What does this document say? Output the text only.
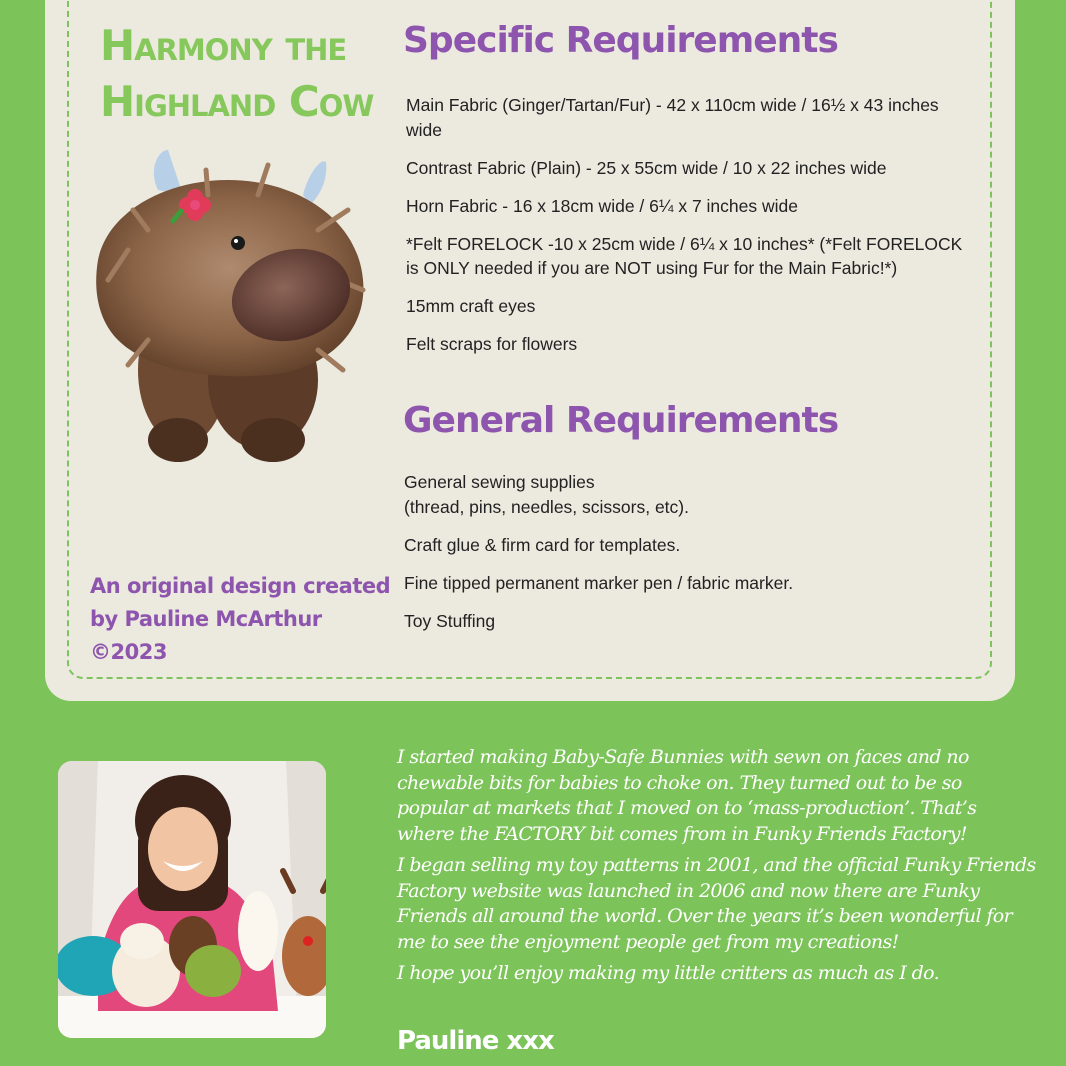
Harmony the
Highland Cow
An original design created
by Pauline McArthur
©2023
Specific Requirements
Main Fabric (Ginger/Tartan/Fur) - 42 x 110cm wide / 16½ x 43 inches wide
Contrast Fabric (Plain) - 25 x 55cm wide / 10 x 22 inches wide
Horn Fabric - 16 x 18cm wide / 6¼ x 7 inches wide
*Felt FORELOCK -10 x 25cm wide / 6¼ x 10 inches* (*Felt FORELOCK is ONLY needed if you are NOT using Fur for the Main Fabric!*)
15mm craft eyes
Felt scraps for flowers
General Requirements
General sewing supplies
(thread, pins, needles, scissors, etc).
Craft glue & firm card for templates.
Fine tipped permanent marker pen / fabric marker.
Toy Stuffing

I started making Baby-Safe Bunnies with sewn on faces and no chewable bits for babies to choke on. They turned out to be so popular at markets that I moved on to ‘mass-production’. That’s where the FACTORY bit comes from in Funky Friends Factory!

I began selling my toy patterns in 2001, and the official Funky Friends Factory website was launched in 2006 and now there are Funky Friends all around the world. Over the years it’s been wonderful for me to see the enjoyment people get from my creations!

I hope you’ll enjoy making my little critters as much as I do.

Pauline xxx
